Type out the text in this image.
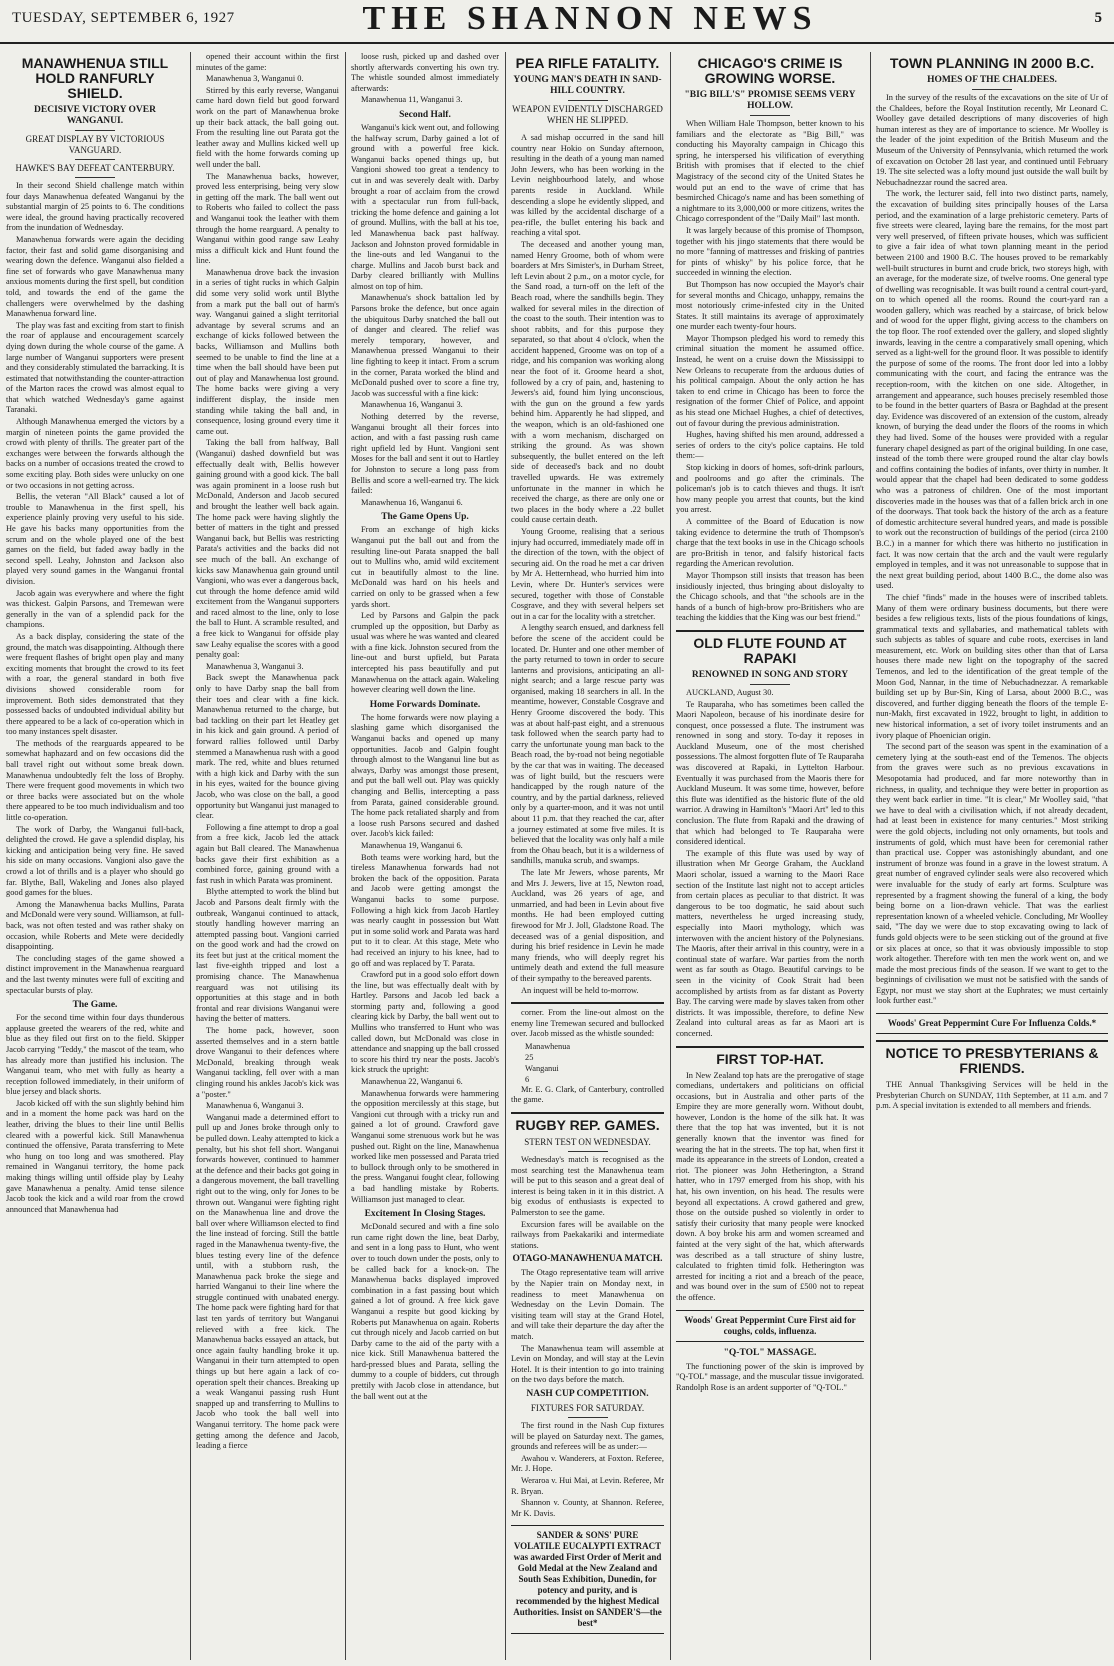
TUESDAY, SEPTEMBER 6, 1927	THE SHANNON NEWS	5
MANAWHENUA STILL HOLD RANFURLY SHIELD.
DECISIVE VICTORY OVER WANGANUI.
GREAT DISPLAY BY VICTORIOUS VANGUARD.
HAWKE'S BAY DEFEAT CANTERBURY.

In their second Shield challenge match within four days Manawhenua defeated Wanganui by the substantial margin of 25 points to 6. The conditions were ideal, the ground having practically recovered from the inundation of Wednesday.

Manawhenua forwards were again the deciding factor, their fast and solid game disorganising and wearing down the defence. Wanganui also fielded a fine set of forwards who gave Manawhenua many anxious moments during the first spell, but condition told, and towards the end of the game the challengers were overwhelmed by the dashing Manawhenua forward line.

The play was fast and exciting from start to finish the roar of applause and encouragement scarcely dying down during the whole course of the game. A large number of Wanganui supporters were present and they considerably stimulated the barracking. It is estimated that notwithstanding the counter-attraction of the Marton races the crowd was almost equal to that which watched Wednesday's game against Taranaki.

Although Manawhenua emerged the victors by a margin of nineteen points the game provided the crowd with plenty of thrills. The greater part of the exchanges were between the forwards although the backs on a number of occasions treated the crowd to some exciting play. Both sides were unlucky on one or two occasions in not getting across.

Bellis, the veteran "All Black" caused a lot of trouble to Manawhenua in the first spell, his experience plainly proving very useful to his side. He gave his backs many opportunities from the scrum and on the whole played one of the best games on the field, but faded away badly in the second spell. Leahy, Johnston and Jackson also played very sound games in the Wanganui frontal division.

Jacob again was everywhere and where the fight was thickest. Galpin Parsons, and Tremewan were generally in the van of a splendid pack for the champions.

As a back display, considering the state of the ground, the match was disappointing. Although there were frequent flashes of bright open play and many exciting moments that brought the crowd to its feet with a roar, the general standard in both five divisions showed considerable room for improvement. Both sides demonstrated that they possessed backs of undoubted individual ability but there appeared to be a lack of co-operation which in too many instances spelt disaster.

The methods of the rearguards appeared to be somewhat haphazard and on few occasions did the ball travel right out without some break down. Manawhenua undoubtedly felt the loss of Brophy. There were frequent good movements in which two or three backs were associated but on the whole there appeared to be too much individualism and too little co-operation.

The work of Darby, the Wanganui full-back, delighted the crowd. He gave a splendid display, his kicking and anticipation being very fine. He saved his side on many occasions. Vangioni also gave the crowd a lot of thrills and is a player who should go far. Blythe, Ball, Wakeling and Jones also played good games for the blues.

Among the Manawhenua backs Mullins, Parata and McDonald were very sound. Williamson, at full-back, was not often tested and was rather shaky on occasion, while Roberts and Mete were decidedly disappointing.

The concluding stages of the game showed a distinct improvement in the Manawhenua rearguard and the last twenty minutes were full of exciting and spectacular bursts of play.

The Game.

For the second time within four days thunderous applause greeted the wearers of the red, white and blue as they filed out first on to the field. Skipper Jacob carrying "Teddy," the mascot of the team, who has already more than justified his inclusion. The Wanganui team, who met with fully as hearty a reception followed immediately, in their uniform of blue jersey and black shorts.

Jacob kicked off with the sun slightly behind him and in a moment the home pack was hard on the leather, driving the blues to their line until Bellis cleared with a powerful kick. Still Manawhenua continued the offensive, Parata transferring to Mete who hung on too long and was smothered. Play remained in Wanganui territory, the home pack making things willing until offside play by Leahy gave Manawhenua a penalty. Amid tense silence Jacob took the kick and a wild roar from the crowd announced that Manawhenua had

opened their account within the first minutes of the game:

Manawhenua 3, Wanganui 0.

Stirred by this early reverse, Wanganui came hard down field but good forward work on the part of Manawhenua broke up their back attack, the ball going out. From the resulting line out Parata got the leather away and Mullins kicked well up field with the home forwards coming up well under the ball.

The Manawhenua backs, however, proved less enterprising, being very slow in getting off the mark. The ball went out to Roberts who failed to collect the pass and Wanganui took the leather with them through the home rearguard. A penalty to Wanganui within good range saw Leahy miss a difficult kick and Hunt found the line.

Manawhenua drove back the invasion in a series of tight rucks in which Galpin did some very solid work until Blythe from a mark put the ball out of harm's way. Wanganui gained a slight territorial advantage by several scrums and an exchange of kicks followed between the backs, Williamson and Mullins both seemed to be unable to find the line at a time when the ball should have been put out of play and Manawhenua lost ground. The home backs were giving a very indifferent display, the inside men standing while taking the ball and, in consequence, losing ground every time it came out.

Taking the ball from halfway, Ball (Wanganui) dashed downfield but was effectually dealt with, Bellis however gaining ground with a good kick. The ball was again prominent in a loose rush but McDonald, Anderson and Jacob secured and brought the leather well back again. The home pack were having slightly the better of matters in the tight and pressed Wanganui back, but Bellis was restricting Parata's activities and the backs did not see much of the ball. An exchange of kicks saw Manawhenua gain ground until Vangioni, who was ever a dangerous back, cut through the home defence amid wild excitement from the Wanganui supporters and raced almost to the line, only to lose the ball to Hunt. A scramble resulted, and a free kick to Wanganui for offside play saw Leahy equalise the scores with a good penalty goal:

Manawhenua 3, Wanganui 3.

Back swept the Manawhenua pack only to have Darby snap the ball from their toes and clear with a fine kick. Manawhenua returned to the charge, but bad tackling on their part let Heatley get in his kick and gain ground. A period of forward rallies followed until Darby stemmed a Manawhenua rush with a good mark. The red, white and blues returned with a high kick and Darby with the sun in his eyes, waited for the bounce giving Jacob, who was close on the ball, a good opportunity but Wanganui just managed to clear.

Following a fine attempt to drop a goal from a free kick, Jacob led the attack again but Ball cleared. The Manawhenua backs gave their first exhibition as a combined force, gaining ground with a fast rush in which Parata was prominent.

Blythe attempted to work the blind but Jacob and Parsons dealt firmly with the outbreak, Wanganui continued to attack, stoutly handling however marring an attempted passing bout. Vangioni carried on the good work and had the crowd on its feet but just at the critical moment the last five-eighth tripped and lost a promising chance. The Manawhenua rearguard was not utilising its opportunities at this stage and in both frontal and rear divisions Wanganui were having the better of matters.

The home pack, however, soon asserted themselves and in a stern battle drove Wanganui to their defences where McDonald, breaking through weak Wanganui tackling, fell over with a man clinging round his ankles Jacob's kick was a "poster."

Manawhenua 6, Wanganui 3.

Wanganui made a determined effort to pull up and Jones broke through only to be pulled down. Leahy attempted to kick a penalty, but his shot fell short. Wanganui forwards however, continued to hammer at the defence and their backs got going in a dangerous movement, the ball travelling right out to the wing, only for Jones to be thrown out. Wanganui were fighting right on the Manawhenua line and drove the ball over where Williamson elected to find the line instead of forcing. Still the battle raged in the Manawhenua twenty-five, the blues testing every line of the defence until, with a stubborn rush, the Manawhenua pack broke the siege and harried Wanganui to their line where the struggle continued with unabated energy. The home pack were fighting hard for that last ten yards of territory but Wanganui relieved with a free kick. The Manawhenua backs essayed an attack, but once again faulty handling broke it up. Wanganui in their turn attempted to open things up but here again a lack of co-operation spelt their chances. Breaking up a weak Wanganui passing rush Hunt snapped up and transferring to Mullins to Jacob who took the ball well into Wanganui territory. The home pack were getting among the defence and Jacob, leading a fierce

loose rush, picked up and dashed over shortly afterwards converting his own try. The whistle sounded almost immediately afterwards:

Manawhenua 11, Wanganui 3.

Second Half.

Wanganui's kick went out, and following the halfway scrum, Darby gained a lot of ground with a powerful free kick. Wanganui backs opened things up, but Vangioni showed too great a tendency to cut in and was severely dealt with. Darby brought a roar of acclaim from the crowd with a spectacular run from full-back, tricking the home defence and gaining a lot of ground. Mullins, with the ball at his toe, led Manawhenua back past halfway. Jackson and Johnston proved formidable in the line-outs and led Wanganui to the charge. Mullins and Jacob burst back and Darby cleared brilliantly with Mullins almost on top of him.

Manawhenua's shock battalion led by Parsons broke the defence, but once again the ubiquitous Darby snatched the ball out of danger and cleared. The relief was merely temporary, however, and Manawhenua pressed Wanganui to their line fighting to keep it intact. From a scrum in the corner, Parata worked the blind and McDonald pushed over to score a fine try, Jacob was successful with a fine kick:

Manawhenua 16, Wanganui 3.

Nothing deterred by the reverse, Wanganui brought all their forces into action, and with a fast passing rush came right upfield led by Hunt. Vangioni sent Moses for the ball and sent it out to Hartley for Johnston to secure a long pass from Bellis and score a well-earned try. The kick failed:

Manawhenua 16, Wanganui 6.

The Game Opens Up.

From an exchange of high kicks Wanganui put the ball out and from the resulting line-out Parata snapped the ball out to Mullins who, amid wild excitement cut in beautifully almost to the line. McDonald was hard on his heels and carried on only to be grassed when a few yards short.

Led by Parsons and Galpin the pack crumpled up the opposition, but Darby as usual was where he was wanted and cleared with a fine kick. Johnston secured from the line-out and burst upfield, but Parata intercepted his pass beautifully and put Manawhenua on the attack again. Wakeling however clearing well down the line.

Home Forwards Dominate.

The home forwards were now playing a slashing game which disorganised the Wanganui backs and opened up many opportunities. Jacob and Galpin fought through almost to the Wanganui line but as always, Darby was amongst those present, and put the ball well out. Play was quickly changing and Bellis, intercepting a pass from Parata, gained considerable ground. The home pack retaliated sharply and from a loose rush Parsons secured and dashed over. Jacob's kick failed:

Manawhenua 19, Wanganui 6.

Both teams were working hard, but the tireless Manawhenua forwards had not broken the back of the opposition. Parata and Jacob were getting amongst the Wanganui backs to some purpose. Following a high kick from Jacob Hartley was nearly caught in possession but Watt put in some solid work and Parata was hard put to it to clear. At this stage, Mete who had received an injury to his knee, had to go off and was replaced by T. Parata.

Crawford put in a good solo effort down the line, but was effectually dealt with by Hartley. Parsons and Jacob led back a storming party and, following a good clearing kick by Darby, the ball went out to Mullins who transferred to Hunt who was called down, but McDonald was close in attendance and snapping up the ball crossed to score his third try near the posts. Jacob's kick struck the upright:

Manawhenua 22, Wanganui 6.

Manawhenua forwards were hammering the opposition mercilessly at this stage, but Vangioni cut through with a tricky run and gained a lot of ground. Crawford gave Wanganui some strenuous work but he was pushed out. Right on the line, Manawhenua worked like men possessed and Parata tried to bullock through only to be smothered in the press. Wanganui fought clear, following a bad handling mistake by Roberts. Williamson just managed to clear.

Excitement In Closing Stages.

McDonald secured and with a fine solo run came right down the line, beat Darby, and sent in a long pass to Hunt, who went over to touch down under the posts, only to be called back for a knock-on. The Manawhenua backs displayed improved combination in a fast passing bout which gained a lot of ground. A free kick gave Wanganui a respite but good kicking by Roberts put Manawhenua on again. Roberts cut through nicely and Jacob carried on but Darby came to the aid of the party with a nice kick. Still Manawhenua battered the hard-pressed blues and Parata, selling the dummy to a couple of bidders, cut through prettily with Jacob close in attendance, but the ball went out at the

PEA RIFLE FATALITY.
YOUNG MAN'S DEATH IN SAND-HILL COUNTRY.
WEAPON EVIDENTLY DISCHARGED WHEN HE SLIPPED.

A sad mishap occurred in the sand hill country near Hokio on Sunday afternoon, resulting in the death of a young man named John Jewers, who has been working in the Levin neighbourhood lately, and whose parents reside in Auckland. While descending a slope he evidently slipped, and was killed by the accidental discharge of a pea-rifle, the bullet entering his back and reaching a vital spot.

The deceased and another young man, named Henry Groome, both of whom were boarders at Mrs Simister's, in Durham Street, left Levin about 2 p.m., on a motor cycle, for the Sand road, a turn-off on the left of the Beach road, where the sandhills begin. They walked for several miles in the direction of the coast to the south. Their intention was to shoot rabbits, and for this purpose they separated, so that about 4 o'clock, when the accident happened, Groome was on top of a ridge, and his companion was working along near the foot of it. Groome heard a shot, followed by a cry of pain, and, hastening to Jewers's aid, found him lying unconscious, with the gun on the ground a few yards behind him. Apparently he had slipped, and the weapon, which is an old-fashioned one with a worn mechanism, discharged on striking the ground. As was shown subsequently, the bullet entered on the left side of deceased's back and no doubt travelled upwards. He was extremely unfortunate in the manner in which he received the charge, as there are only one or two places in the body where a .22 bullet could cause certain death.

Young Groome, realising that a serious injury had occurred, immediately made off in the direction of the town, with the object of securing aid. On the road he met a car driven by Mr A. Hetternhead, who hurried him into Levin, where Dr. Hunter's services were secured, together with those of Constable Cosgrave, and they with several helpers set out in a car for the locality with a stretcher.

A lengthy search ensued, and darkness fell before the scene of the accident could be located. Dr. Hunter and one other member of the party returned to town in order to secure lanterns and provisions, anticipating an all-night search; and a large rescue party was organised, making 18 searchers in all. In the meantime, however, Constable Cosgrave and Henry Groome discovered the body. This was at about half-past eight, and a strenuous task followed when the search party had to carry the unfortunate young man back to the Beach road, the by-road not being negotiable by the car that was in waiting. The deceased was of light build, but the rescuers were handicapped by the rough nature of the country, and by the partial darkness, relieved only by a quarter-moon, and it was not until about 11 p.m. that they reached the car, after a journey estimated at some five miles. It is believed that the locality was only half a mile from the Ohau beach, but it is a wilderness of sandhills, manuka scrub, and swamps.

The late Mr Jewers, whose parents, Mr and Mrs J. Jewers, live at 15, Newton road, Auckland, was 26 years of age, and unmarried, and had been in Levin about five months. He had been employed cutting firewood for Mr J. Joll, Gladstone Road. The deceased was of a genial disposition, and during his brief residence in Levin he made many friends, who will deeply regret his untimely death and extend the full measure of their sympathy to the bereaved parents.

An inquest will be held to-morrow.

corner. From the line-out almost on the enemy line Tremewan secured and bullocked over. Jacob missed as the whistle sounded:

Manawhenua25
Wanganui6

Mr. E. G. Clark, of Canterbury, controlled the game.

RUGBY REP. GAMES.
STERN TEST ON WEDNESDAY.

Wednesday's match is recognised as the most searching test the Manawhenua team will be put to this season and a great deal of interest is being taken in it in this district. A big exodus of enthusiasts is expected to Palmerston to see the game.

Excursion fares will be available on the railways from Paekakariki and intermediate stations.

OTAGO-MANAWHENUA MATCH.

The Otago representative team will arrive by the Napier train on Monday next, in readiness to meet Manawhenua on Wednesday on the Levin Domain. The visiting team will stay at the Grand Hotel, and will take their departure the day after the match.

The Manawhenua team will assemble at Levin on Monday, and will stay at the Levin Hotel. It is their intention to go into training on the two days before the match.

NASH CUP COMPETITION.
FIXTURES FOR SATURDAY.

The first round in the Nash Cup fixtures will be played on Saturday next. The games, grounds and referees will be as under:—

Awahou v. Wanderers, at Foxton. Referee, Mr. J. Hope.

Weraroa v. Hui Mai, at Levin. Referee, Mr R. Bryan.

Shannon v. County, at Shannon. Referee, Mr K. Davis.

SANDER & SONS' PURE VOLATILE EUCALYPTI EXTRACT was awarded First Order of Merit and Gold Medal at the New Zealand and South Seas Exhibition, Dunedin, for potency and purity, and is recommended by the highest Medical Authorities. Insist on SANDER'S—the best*
CHICAGO'S CRIME IS GROWING WORSE.
"BIG BILL'S" PROMISE SEEMS VERY HOLLOW.

When William Hale Thompson, better known to his familiars and the electorate as "Big Bill," was conducting his Mayoralty campaign in Chicago this spring, he interspersed his vilification of everything British with promises that if elected to the chief Magistracy of the second city of the United States he would put an end to the wave of crime that has besmirched Chicago's name and has been something of a nightmare to its 3,000,000 or more citizens, writes the Chicago correspondent of the "Daily Mail" last month.

It was largely because of this promise of Thompson, together with his jingo statements that there would be no more "fanning of mattresses and frisking of pantries for pints of whisky" by his police force, that he succeeded in winning the election.

But Thompson has now occupied the Mayor's chair for several months and Chicago, unhappy, remains the most notoriously crime-infested city in the United States. It still maintains its average of approximately one murder each twenty-four hours.

Mayor Thompson pledged his word to remedy this criminal situation the moment he assumed office. Instead, he went on a cruise down the Mississippi to New Orleans to recuperate from the arduous duties of his political campaign. About the only action he has taken to end crime in Chicago has been to force the resignation of the former Chief of Police, and appoint as his stead one Michael Hughes, a chief of detectives, out of favour during the previous administration.

Hughes, having shifted his men around, addressed a series of orders to the city's police captains. He told them:—

Stop kicking in doors of homes, soft-drink parlours, and poolrooms and go after the criminals. The policeman's job is to catch thieves and thugs. It isn't how many people you arrest that counts, but the kind you arrest.

A committee of the Board of Education is now taking evidence to determine the truth of Thompson's charge that the text books in use in the Chicago schools are pro-British in tenor, and falsify historical facts regarding the American revolution.

Mayor Thompson still insists that treason has been insidiously injected, thus bringing about disloyalty to the Chicago schools, and that "the schools are in the hands of a bunch of high-brow pro-Britishers who are teaching the kiddies that the King was our best friend."

OLD FLUTE FOUND AT RAPAKI
RENOWNED IN SONG AND STORY

AUCKLAND, August 30.

Te Rauparaha, who has sometimes been called the Maori Napoleon, because of his inordinate desire for conquest, once possessed a flute. The instrument was renowned in song and story. To-day it reposes in Auckland Museum, one of the most cherished possessions. The almost forgotten flute of Te Rauparaha was discovered at Rapaki, in Lyttelton Harbour. Eventually it was purchased from the Maoris there for Auckland Museum. It was some time, however, before this flute was identified as the historic flute of the old warrior. A drawing in Hamilton's "Maori Art" led to this conclusion. The flute from Rapaki and the drawing of that which had belonged to Te Rauparaha were considered identical.

The example of this flute was used by way of illustration when Mr George Graham, the Auckland Maori scholar, issued a warning to the Maori Race section of the Institute last night not to accept articles from certain places as peculiar to that district. It was dangerous to be too dogmatic, he said about such matters, nevertheless he urged increasing study, especially into Maori mythology, which was interwoven with the ancient history of the Polynesians. The Maoris, after their arrival in this country, were in a continual state of warfare. War parties from the north went as far south as Otago. Beautiful carvings to be seen in the vicinity of Cook Strait had been accomplished by artists from as far distant as Poverty Bay. The carving were made by slaves taken from other districts. It was impossible, therefore, to define New Zealand into cultural areas as far as Maori art is concerned.

FIRST TOP-HAT.

In New Zealand top hats are the prerogative of stage comedians, undertakers and politicians on official occasions, but in Australia and other parts of the Empire they are more generally worn. Without doubt, however, London is the home of the silk hat. It was there that the top hat was invented, but it is not generally known that the inventor was fined for wearing the hat in the streets. The top hat, when first it made its appearance in the streets of London, created a riot. The pioneer was John Hetherington, a Strand hatter, who in 1797 emerged from his shop, with his hat, his own invention, on his head. The results were beyond all expectations. A crowd gathered and grew, those on the outside pushed so violently in order to satisfy their curiosity that many people were knocked down. A boy broke his arm and women screamed and fainted at the very sight of the hat, which afterwards was described as a tall structure of shiny lustre, calculated to frighten timid folk. Hetherington was arrested for inciting a riot and a breach of the peace, and was bound over in the sum of £500 not to repeat the offence.

Woods' Great Peppermint Cure First aid for coughs, colds, influenza.
"Q-TOL" MASSAGE.

The functioning power of the skin is improved by "Q-TOL" massage, and the muscular tissue invigorated. Randolph Rose is an ardent supporter of "Q-TOL."

TOWN PLANNING IN 2000 B.C.
HOMES OF THE CHALDEES.

In the survey of the results of the excavations on the site of Ur of the Chaldees, before the Royal Institution recently, Mr Leonard C. Woolley gave detailed descriptions of many discoveries of high human interest as they are of importance to science. Mr Woolley is the leader of the joint expedition of the British Museum and the Museum of the University of Pennsylvania, which returned the work of excavation on October 28 last year, and continued until February 19. The site selected was a lofty mound just outside the wall built by Nebuchadnezzar round the sacred area.

The work, the lecturer said, fell into two distinct parts, namely, the excavation of building sites principally houses of the Larsa period, and the examination of a large prehistoric cemetery. Parts of five streets were cleared, laying bare the remains, for the most part very well preserved, of fifteen private houses, which was sufficient to give a fair idea of what town planning meant in the period between 2100 and 1900 B.C. The houses proved to be remarkably well-built structures in burnt and crude brick, two storeys high, with an average, for the moderate size, of twelve rooms. One general type of dwelling was recognisable. It was built round a central court-yard, on to which opened all the rooms. Round the court-yard ran a wooden gallery, which was reached by a staircase, of brick below and of wood for the upper flight, giving access to the chambers on the top floor. The roof extended over the gallery, and sloped slightly inwards, leaving in the centre a comparatively small opening, which served as a light-well for the ground floor. It was possible to identify the purpose of some of the rooms. The front door led into a lobby communicating with the court, and facing the entrance was the reception-room, with the kitchen on one side. Altogether, in arrangement and appearance, such houses precisely resembled those to be found in the better quarters of Basra or Baghdad at the present day. Evidence was discovered of an extension of the custom, already known, of burying the dead under the floors of the rooms in which they had lived. Some of the houses were provided with a regular funerary chapel designed as part of the original building. In one case, instead of the tomb there were grouped round the altar clay bowls and coffins containing the bodies of infants, over thirty in number. It would appear that the chapel had been dedicated to some goddess who was a patroness of children. One of the most important discoveries made in the houses was that of a fallen brick arch in one of the doorways. That took back the history of the arch as a feature of domestic architecture several hundred years, and made is possible to work out the reconstruction of buildings of the period (circa 2100 B.C.) in a manner for which there was hitherto no justification in fact. It was now certain that the arch and the vault were regularly employed in temples, and it was not unreasonable to suppose that in the next great building period, about 1400 B.C., the dome also was used.

The chief "finds" made in the houses were of inscribed tablets. Many of them were ordinary business documents, but there were besides a few religious texts, lists of the pious foundations of kings, grammatical texts and syllabaries, and mathematical tablets with such subjects as tables of square and cube roots, exercises in land measurement, etc. Work on building sites other than that of Larsa houses there made new light on the topography of the sacred Temenos, and led to the identification of the great temple of the Moon God, Nannar, in the time of Nebuchadnezzar. A remarkable building set up by Bur-Sin, King of Larsa, about 2000 B.C., was discovered, and further digging beneath the floors of the temple E-nun-Makh, first excavated in 1922, brought to light, in addition to new historical information, a set of ivory toilet instruments and an ivory plaque of Phoenician origin.

The second part of the season was spent in the examination of a cemetery lying at the south-east end of the Temenos. The objects from the graves were such as no previous excavations in Mesopotamia had produced, and far more noteworthy than in richness, in quality, and technique they were better in proportion as they went back earlier in time. "It is clear," Mr Woolley said, "that we have to deal with a civilisation which, if not already decadent, had at least been in existence for many centuries." Most striking were the gold objects, including not only ornaments, but tools and instruments of gold, which must have been for ceremonial rather than practical use. Copper was astonishingly abundant, and one instrument of bronze was found in a grave in the lowest stratum. A great number of engraved cylinder seals were also recovered which were invaluable for the study of early art forms. Sculpture was represented by a fragment showing the funeral of a king, the body being borne on a lion-drawn vehicle. That was the earliest representation known of a wheeled vehicle. Concluding, Mr Woolley said, "The day we were due to stop excavating owing to lack of funds gold objects were to be seen sticking out of the ground at five or six places at once, so that it was obviously impossible to stop work altogether. Therefore with ten men the work went on, and we made the most precious finds of the season. If we want to get to the beginnings of civilisation we must not be satisfied with the sands of Egypt, nor must we stay short at the Euphrates; we must certainly look further east."

Woods' Great Peppermint Cure For Influenza Colds.*
NOTICE TO PRESBYTERIANS & FRIENDS.

THE Annual Thanksgiving Services will be held in the Presbyterian Church on SUNDAY, 11th September, at 11 a.m. and 7 p.m. A special invitation is extended to all members and friends.
